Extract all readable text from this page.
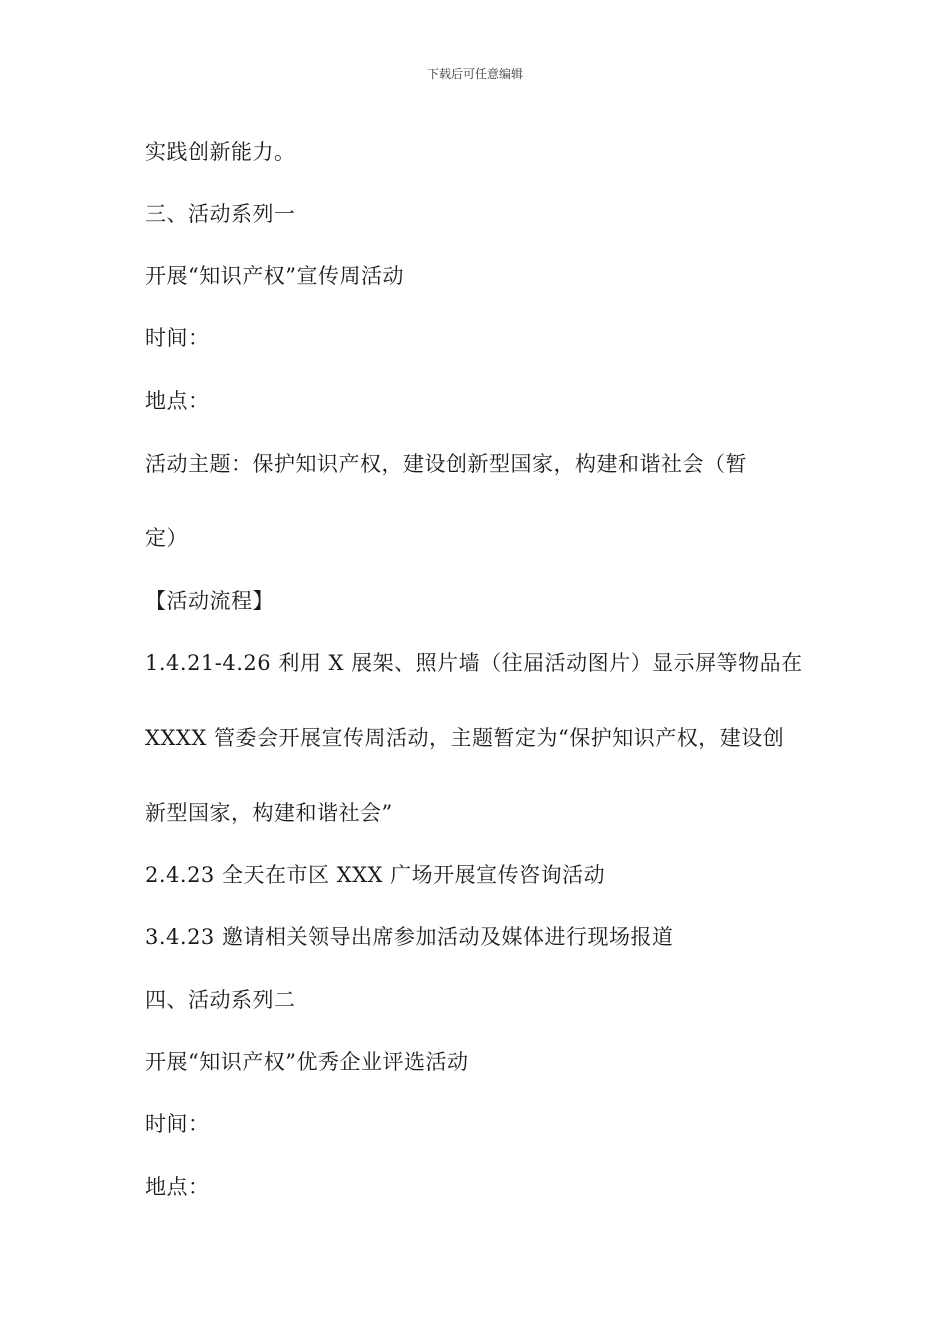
下载后可任意编辑
实践创新能力。
三、活动系列一
开展“知识产权”宣传周活动
时间：
地点：
活动主题：保护知识产权，建设创新型国家，构建和谐社会（暂
定）
【活动流程】
1.4.21-4.26 利用 X 展架、照片墙（往届活动图片）显示屏等物品在
XXXX 管委会开展宣传周活动，主题暂定为“保护知识产权，建设创
新型国家，构建和谐社会”
2.4.23 全天在市区 XXX 广场开展宣传咨询活动
3.4.23 邀请相关领导出席参加活动及媒体进行现场报道
四、活动系列二
开展“知识产权”优秀企业评选活动
时间：
地点：
